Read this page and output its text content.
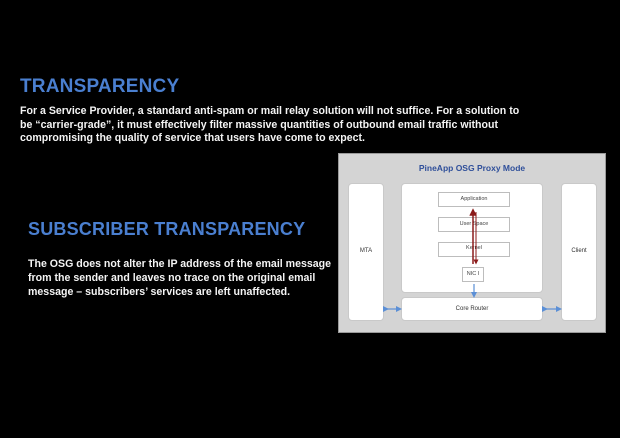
TRANSPARENCY
For a Service Provider, a standard anti-spam or mail relay solution will not suffice. For a solution to be “carrier-grade”, it must effectively filter massive quantities of outbound email traffic without compromising the quality of service that users have come to expect.
SUBSCRIBER TRANSPARENCY
The OSG does not alter the IP address of the email message from the sender and leaves no trace on the original email message – subscribers’ services are left unaffected.
PineApp OSG Proxy Mode
MTA
Application
User Space
Kernel
NIC I
Core Router
Client
